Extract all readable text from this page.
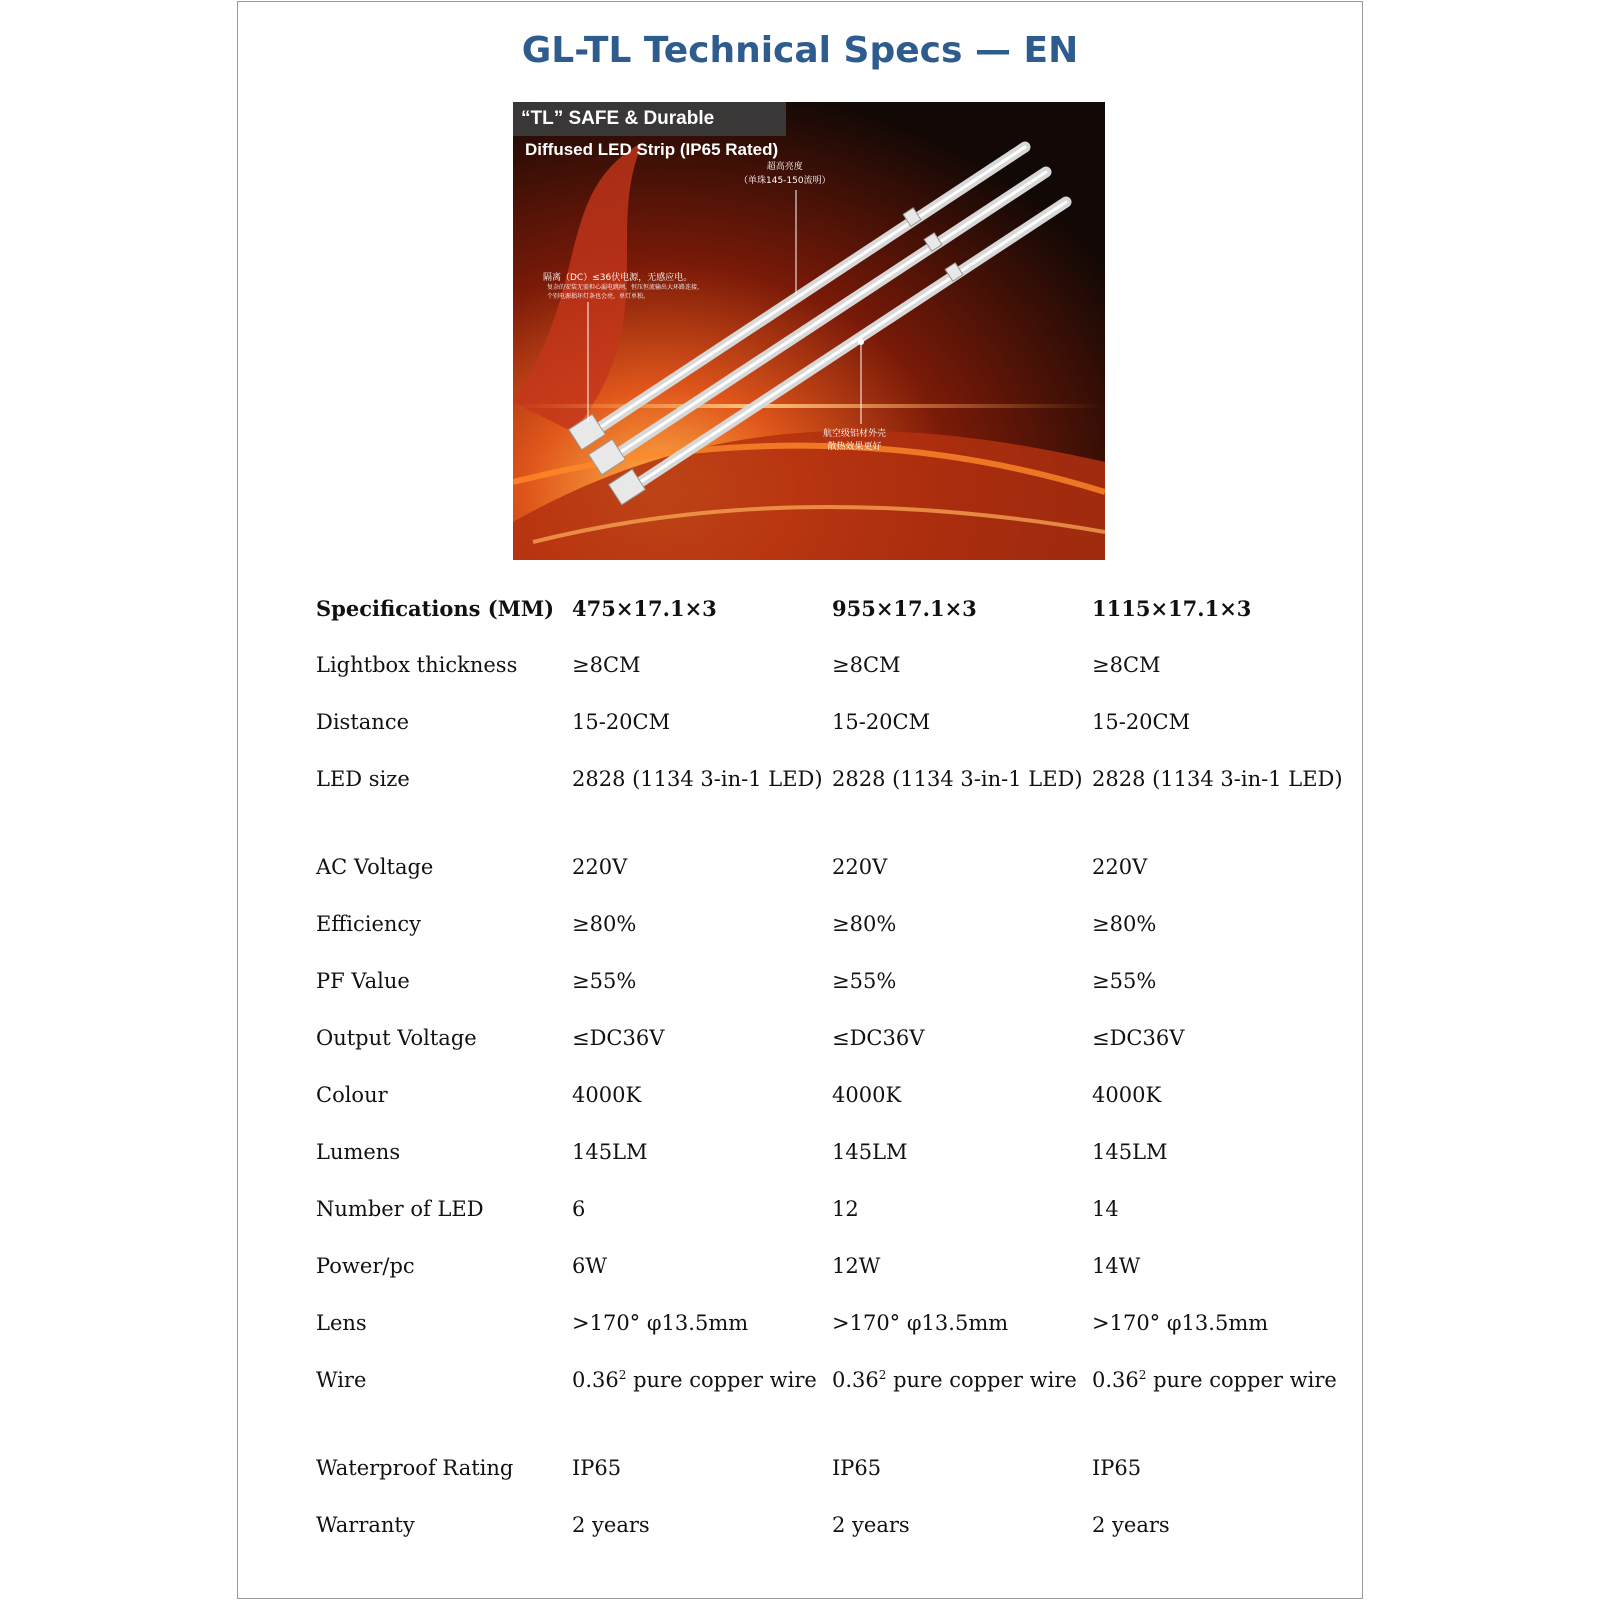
GL-TL Technical Specs — EN
“TL” SAFE & Durable
Diffused LED Strip (IP65 Rated)
超高亮度
（单珠145-150流明）
隔离（DC）≤36伏电源，无感应电。
复杂的安装无需担心漏电跳闸，恒压恒流输出大环路连接，
个别电源损坏灯条也会亮，单灯单独。
航空级铝材外壳
散热效果更好
Specifications (MM)	475×17.1×3	955×17.1×3	1115×17.1×3
Lightbox thickness	≥8CM	≥8CM	≥8CM
Distance	15-20CM	15-20CM	15-20CM
LED size	2828 (1134 3-in-1 LED)	2828 (1134 3-in-1 LED)	2828 (1134 3-in-1 LED)
AC Voltage	220V	220V	220V
Efficiency	≥80%	≥80%	≥80%
PF Value	≥55%	≥55%	≥55%
Output Voltage	≤DC36V	≤DC36V	≤DC36V
Colour	4000K	4000K	4000K
Lumens	145LM	145LM	145LM
Number of LED	6	12	14
Power/pc	6W	12W	14W
Lens	>170° φ13.5mm	>170° φ13.5mm	>170° φ13.5mm
Wire	0.36$^2$ pure copper wire	0.36$^2$ pure copper wire	0.36$^2$ pure copper wire
Waterproof Rating	IP65	IP65	IP65
Warranty	2 years	2 years	2 years
